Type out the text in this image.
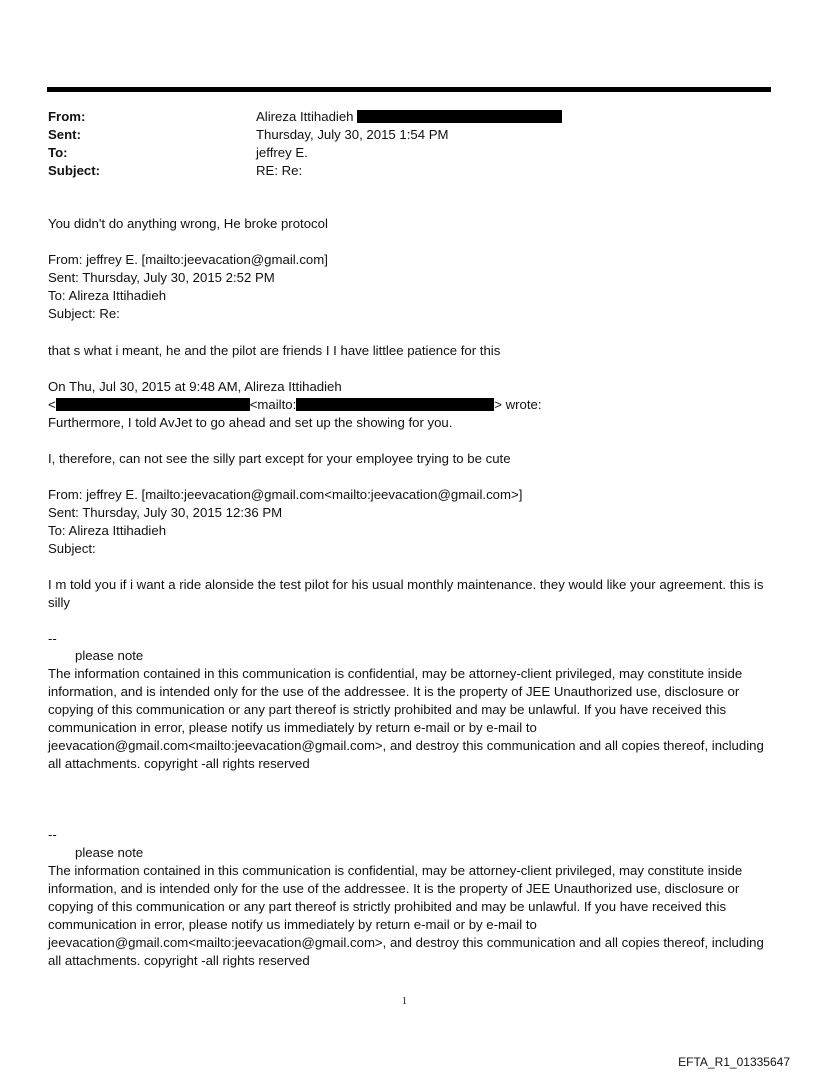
From:	Alireza Ittihadieh
Sent:	Thursday, July 30, 2015 1:54 PM
To:	jeffrey E.
Subject:	RE: Re:
You didn't do anything wrong, He broke protocol
From: jeffrey E. [mailto:jeevacation@gmail.com]
Sent: Thursday, July 30, 2015 2:52 PM
To: Alireza Ittihadieh
Subject: Re:
that s what i meant, he and the pilot are friends I I have littlee patience for this
On Thu, Jul 30, 2015 at 9:48 AM, Alireza Ittihadieh
<	<mailto:	> wrote:
Furthermore, I told AvJet to go ahead and set up the showing for you.
I, therefore, can not see the silly part except for your employee trying to be cute
From: jeffrey E. [mailto:jeevacation@gmail.com<mailto:jeevacation@gmail.com>]
Sent: Thursday, July 30, 2015 12:36 PM
To: Alireza Ittihadieh
Subject:
I m told you if i want a ride alonside the test pilot for his usual monthly maintenance. they would like your agreement. this is silly
--
please note
The information contained in this communication is confidential, may be attorney-client privileged, may constitute inside information, and is intended only for the use of the addressee. It is the property of JEE Unauthorized use, disclosure or copying of this communication or any part thereof is strictly prohibited and may be unlawful. If you have received this communication in error, please notify us immediately by return e-mail or by e-mail to jeevacation@gmail.com<mailto:jeevacation@gmail.com>, and destroy this communication and all copies thereof, including all attachments. copyright -all rights reserved
--
please note
The information contained in this communication is confidential, may be attorney-client privileged, may constitute inside information, and is intended only for the use of the addressee. It is the property of JEE Unauthorized use, disclosure or copying of this communication or any part thereof is strictly prohibited and may be unlawful. If you have received this communication in error, please notify us immediately by return e-mail or by e-mail to jeevacation@gmail.com<mailto:jeevacation@gmail.com>, and destroy this communication and all copies thereof, including all attachments. copyright -all rights reserved
1
EFTA_R1_01335647
